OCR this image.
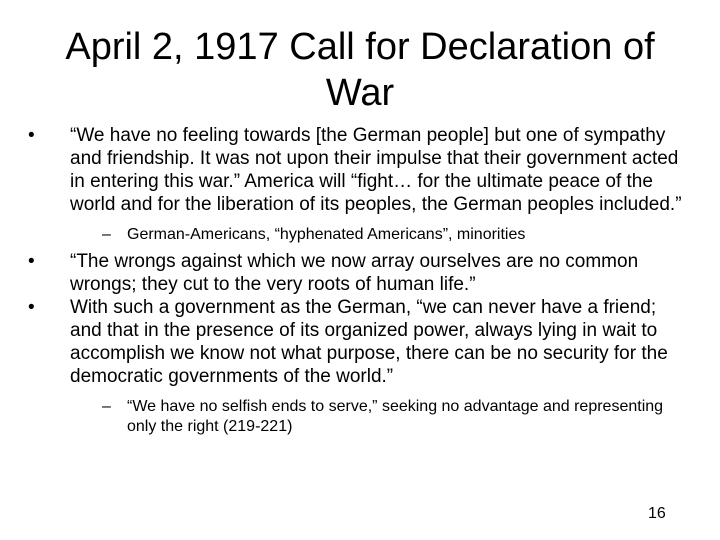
April 2, 1917 Call for Declaration of War
• “We have no feeling towards [the German people] but one of sympathy and friendship. It was not upon their impulse that their government acted in entering this war.” America will “fight… for the ultimate peace of the world and for the liberation of its peoples, the German peoples included.”
– German-Americans, “hyphenated Americans”, minorities
• “The wrongs against which we now array ourselves are no common wrongs; they cut to the very roots of human life.”
• With such a government as the German, “we can never have a friend; and that in the presence of its organized power, always lying in wait to accomplish we know not what purpose, there can be no security for the democratic governments of the world.”
– “We have no selfish ends to serve,” seeking no advantage and representing only the right (219-221)
16
